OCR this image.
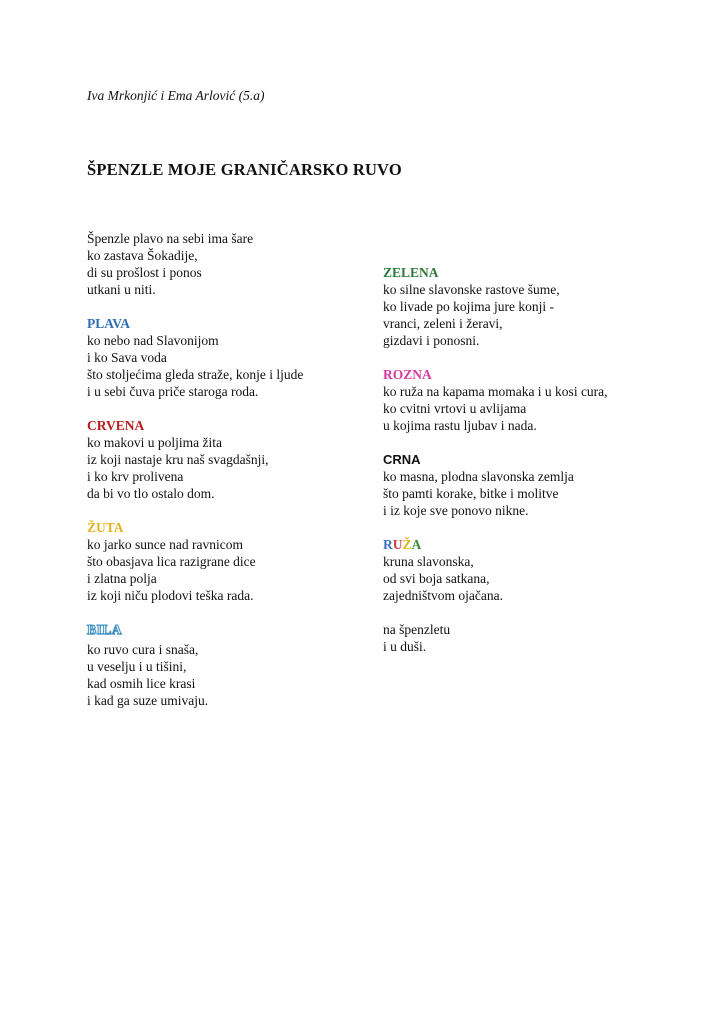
Iva Mrkonjić i Ema Arlović (5.a)
ŠPENZLE MOJE GRANIČARSKO RUVO
Špenzle plavo na sebi ima šare
ko zastava Šokadije,
di su prošlost i ponos
utkani u niti.
PLAVA
ko nebo nad Slavonijom
i ko Sava voda
što stoljećima gleda straže, konje i ljude
i u sebi čuva priče staroga roda.
CRVENA
ko makovi u poljima žita
iz koji nastaje kru naš svagdašnji,
i ko krv prolivena
da bi vo tlo ostalo dom.
ŽUTA
ko jarko sunce nad ravnicom
što obasjava lica razigrane dice
i zlatna polja
iz koji niču plodovi teška rada.
BILA
ko ruvo cura i snaša,
u veselju i u tišini,
kad osmih lice krasi
i kad ga suze umivaju.
ZELENA
ko silne slavonske rastove šume,
ko livade po kojima jure konji -
vranci, zeleni i žeravi,
gizdavi i ponosni.
ROZNA
ko ruža na kapama momaka i u kosi cura,
ko cvitni vrtovi u avlijama
u kojima rastu ljubav i nada.
CRNA
ko masna, plodna slavonska zemlja
što pamti korake, bitke i molitve
i iz koje sve ponovo nikne.
RUŽA
kruna slavonska,
od svi boja satkana,
zajedništvom ojačana.
na špenzletu
i u duši.
